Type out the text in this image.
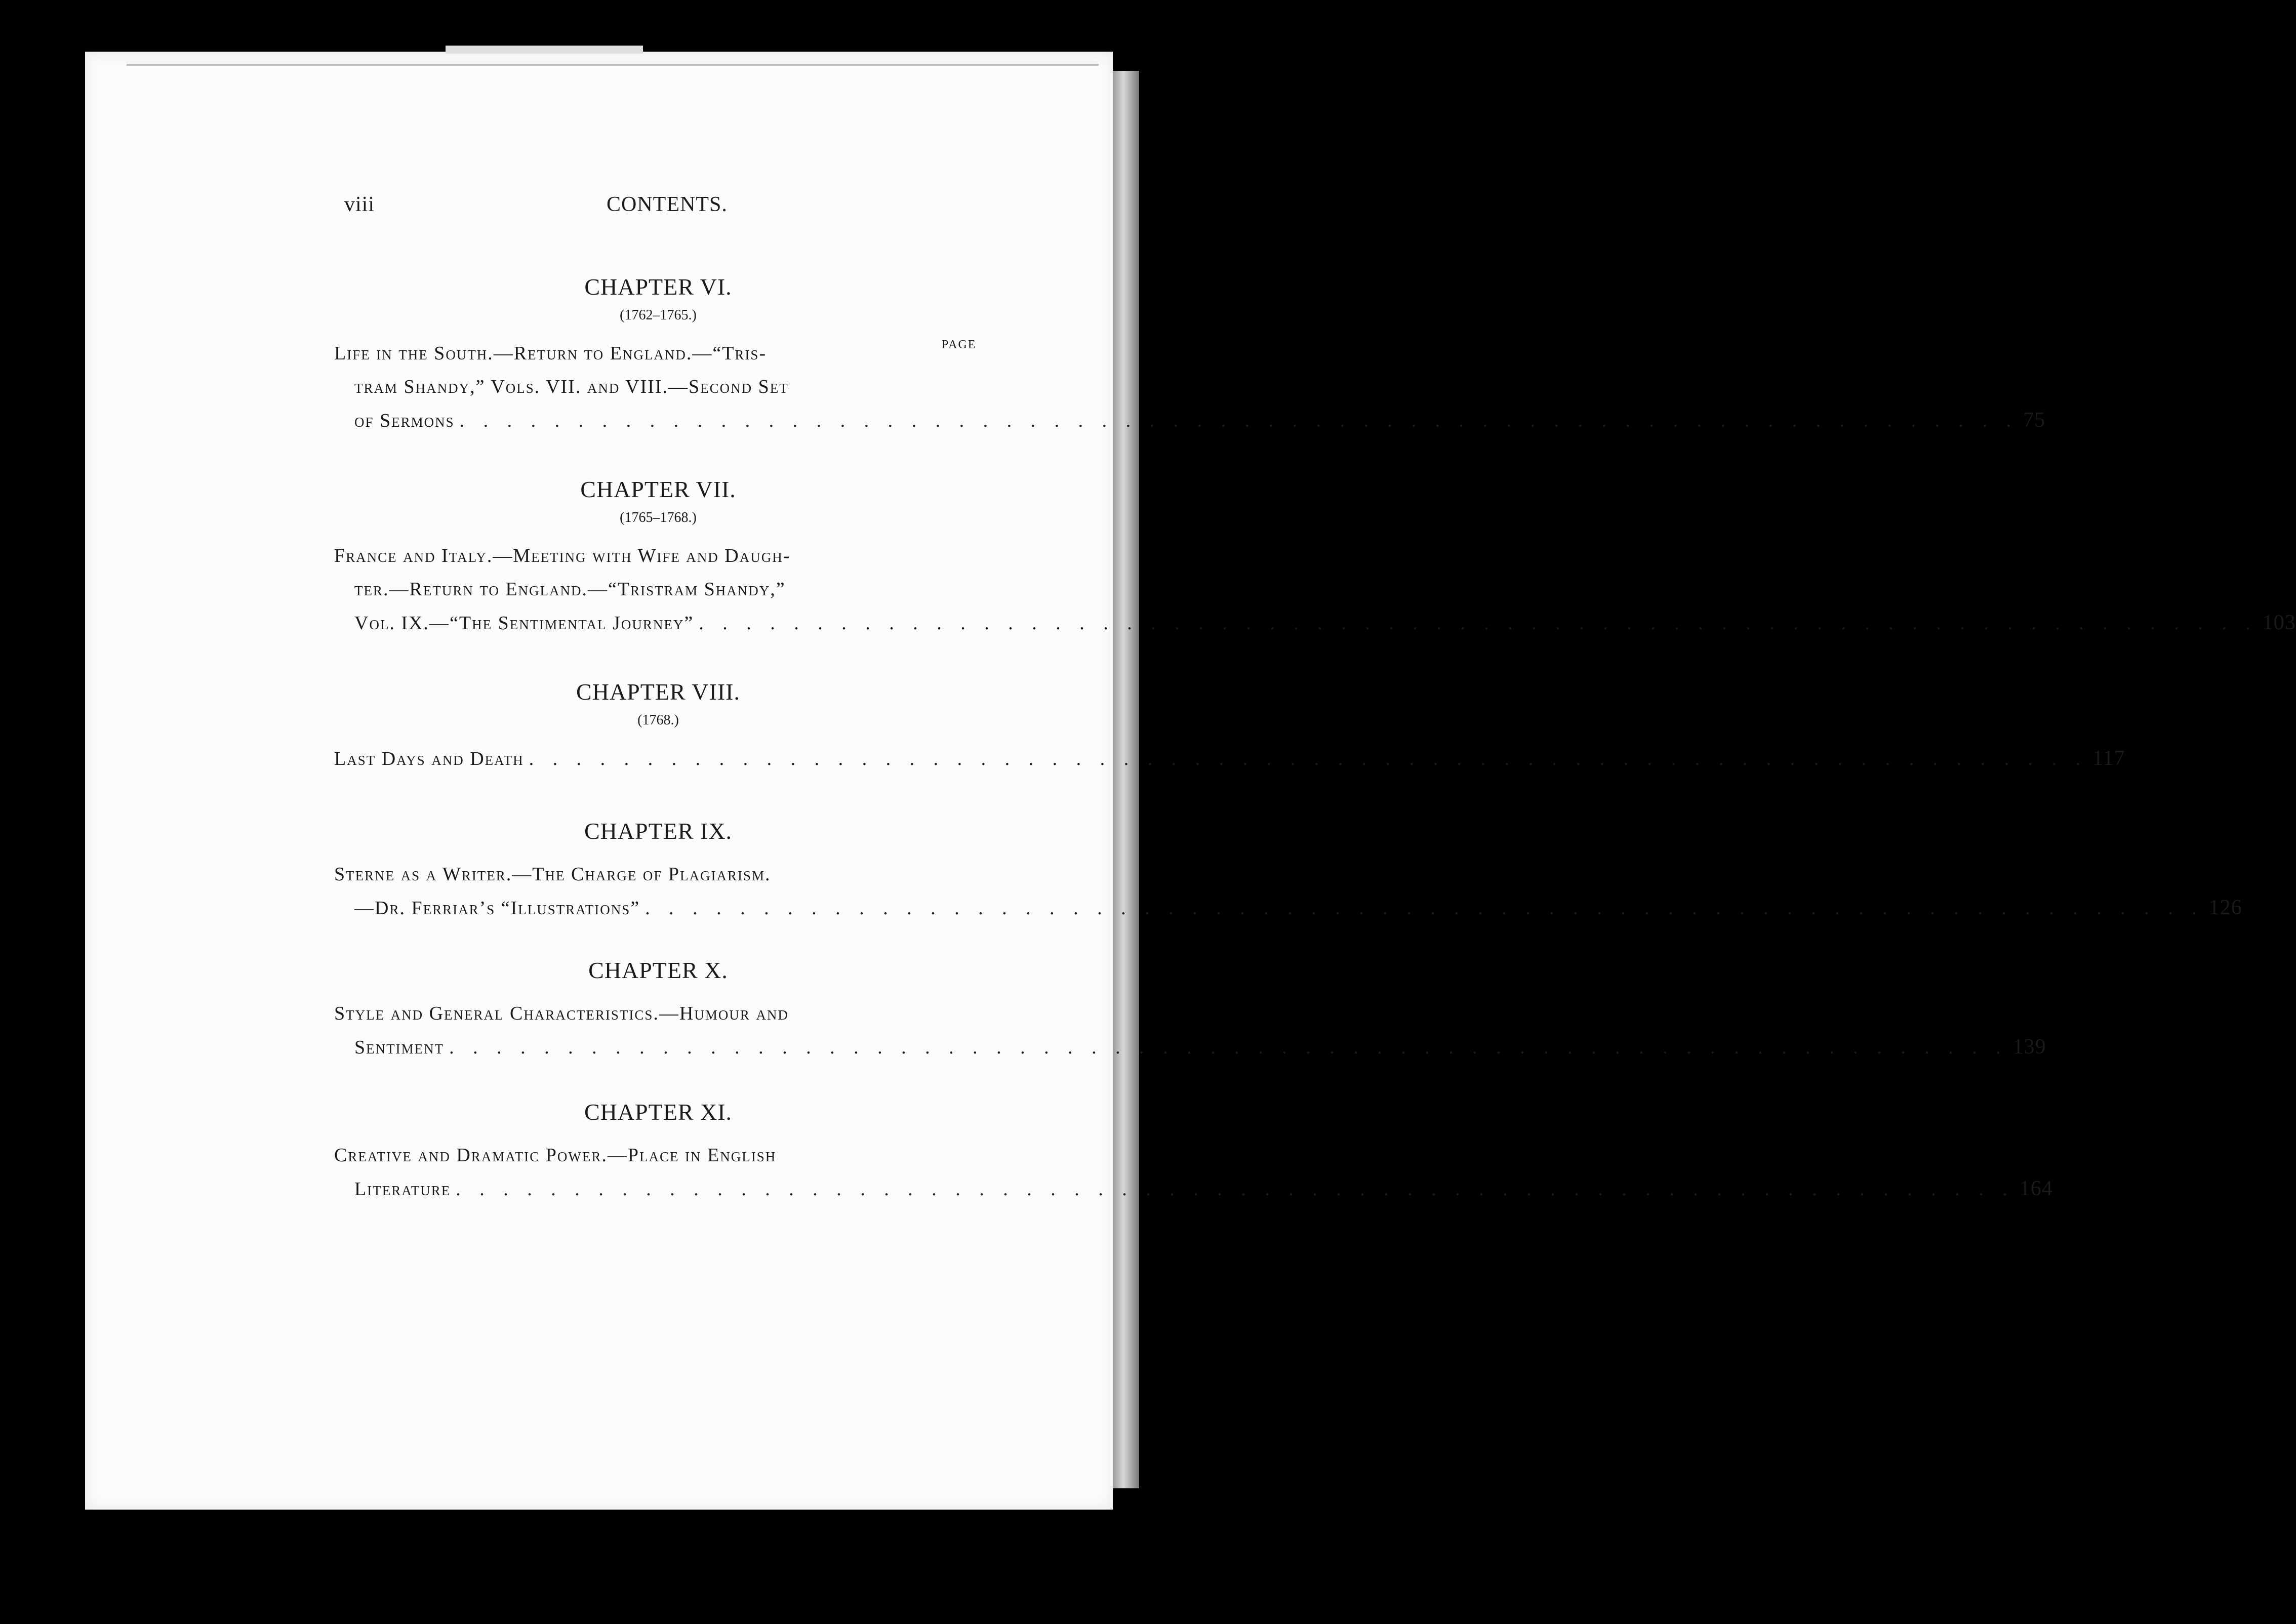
viii	CONTENTS.
PAGE
CHAPTER VI.
(1762–1765.)
Life in the South.—Return to England.—“Tris-
tram Shandy,” Vols. VII. and VIII.—Second Set
of Sermons . . . . . . . . . . . . . . . . . . . . . . . . . . . . . . . . . . . . . . . . . . . . . . . . . . . . . . . . . . . . . . . . . . 75
CHAPTER VII.
(1765–1768.)
France and Italy.—Meeting with Wife and Daugh-
ter.—Return to England.—“Tristram Shandy,”
Vol. IX.—“The Sentimental Journey” . . . . . . . . . . . . . . . . . . . . . . . . . . . . . . . . . . . . . . . . . . . . . . . . . . . . . . . . . . . . . . . . . . 103
CHAPTER VIII.
(1768.)
Last Days and Death . . . . . . . . . . . . . . . . . . . . . . . . . . . . . . . . . . . . . . . . . . . . . . . . . . . . . . . . . . . . . . . . . . 117
CHAPTER IX.
Sterne as a Writer.—The Charge of Plagiarism.
—Dr. Ferriar’s “Illustrations” . . . . . . . . . . . . . . . . . . . . . . . . . . . . . . . . . . . . . . . . . . . . . . . . . . . . . . . . . . . . . . . . . . 126
CHAPTER X.
Style and General Characteristics.—Humour and
Sentiment . . . . . . . . . . . . . . . . . . . . . . . . . . . . . . . . . . . . . . . . . . . . . . . . . . . . . . . . . . . . . . . . . . 139
CHAPTER XI.
Creative and Dramatic Power.—Place in English
Literature . . . . . . . . . . . . . . . . . . . . . . . . . . . . . . . . . . . . . . . . . . . . . . . . . . . . . . . . . . . . . . . . . . 164
